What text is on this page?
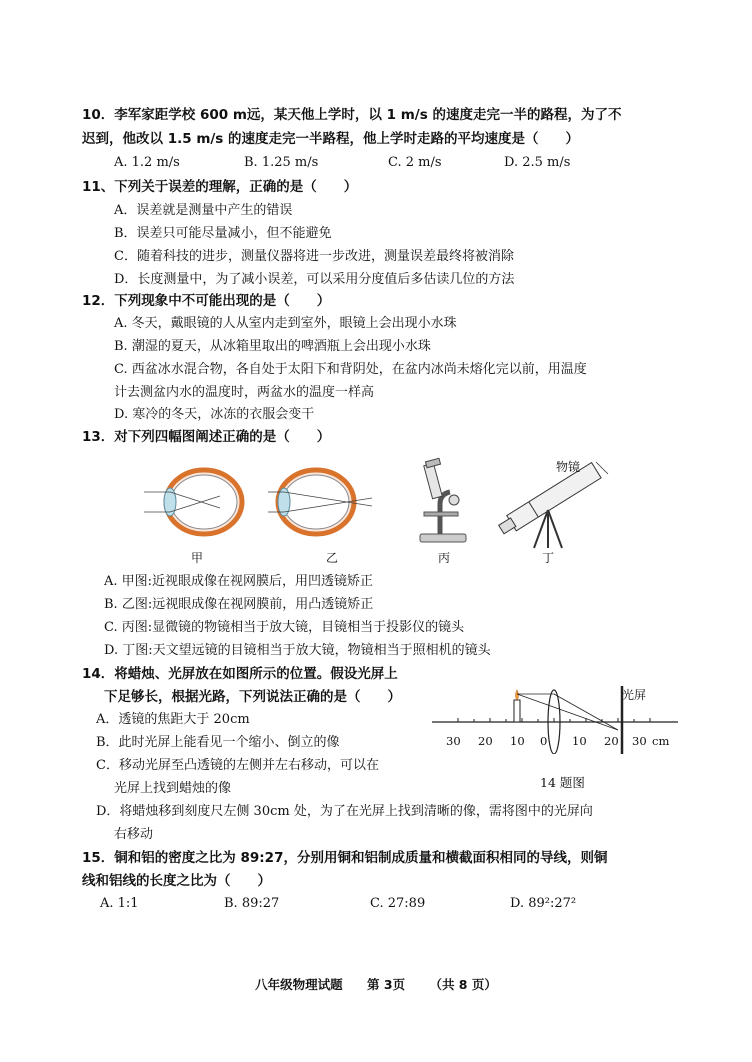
10．李军家距学校 600 m远，某天他上学时，以 1 m/s 的速度走完一半的路程，为了不
迟到，他改以 1.5 m/s 的速度走完一半路程，他上学时走路的平均速度是（　　）
A. 1.2 m/s	B. 1.25 m/s	C. 2 m/s	D. 2.5 m/s
11、下列关于误差的理解，正确的是（　　）
A．误差就是测量中产生的错误
B．误差只可能尽量减小，但不能避免
C．随着科技的进步，测量仪器将进一步改进，测量误差最终将被消除
D．长度测量中，为了减小误差，可以采用分度值后多估读几位的方法
12．下列现象中不可能出现的是（　　）
A. 冬天，戴眼镜的人从室内走到室外，眼镜上会出现小水珠
B. 潮湿的夏天，从冰箱里取出的啤酒瓶上会出现小水珠
C. 西盆冰水混合物，各自处于太阳下和背阴处，在盆内冰尚未熔化完以前，用温度
计去测盆内水的温度时，两盆水的温度一样高
D. 寒冷的冬天，冰冻的衣服会变干
13．对下列四幅图阐述正确的是（　　）
物镜
甲	乙	丙	丁
A. 甲图:近视眼成像在视网膜后，用凹透镜矫正
B. 乙图:远视眼成像在视网膜前，用凸透镜矫正
C. 丙图:显微镜的物镜相当于放大镜，目镜相当于投影仪的镜头
D. 丁图:天文望远镜的目镜相当于放大镜，物镜相当于照相机的镜头
14．将蜡烛、光屏放在如图所示的位置。假设光屏上
下足够长，根据光路，下列说法正确的是（　　）
A．透镜的焦距大于 20cm
B．此时光屏上能看见一个缩小、倒立的像
C．移动光屏至凸透镜的左侧并左右移动，可以在
光屏上找到蜡烛的像
D．将蜡烛移到刻度尺左侧 30cm 处，为了在光屏上找到清晰的像，需将图中的光屏向
右移动
光屏
30	20	10	0	10	20	30 cm
14 题图
15．铜和铝的密度之比为 89:27，分别用铜和铝制成质量和横截面积相同的导线，则铜
线和铝线的长度之比为（　　）
A. 1:1	B. 89:27	C. 27:89	D. 89²:27²
八年级物理试题 第 3页 （共 8 页）
